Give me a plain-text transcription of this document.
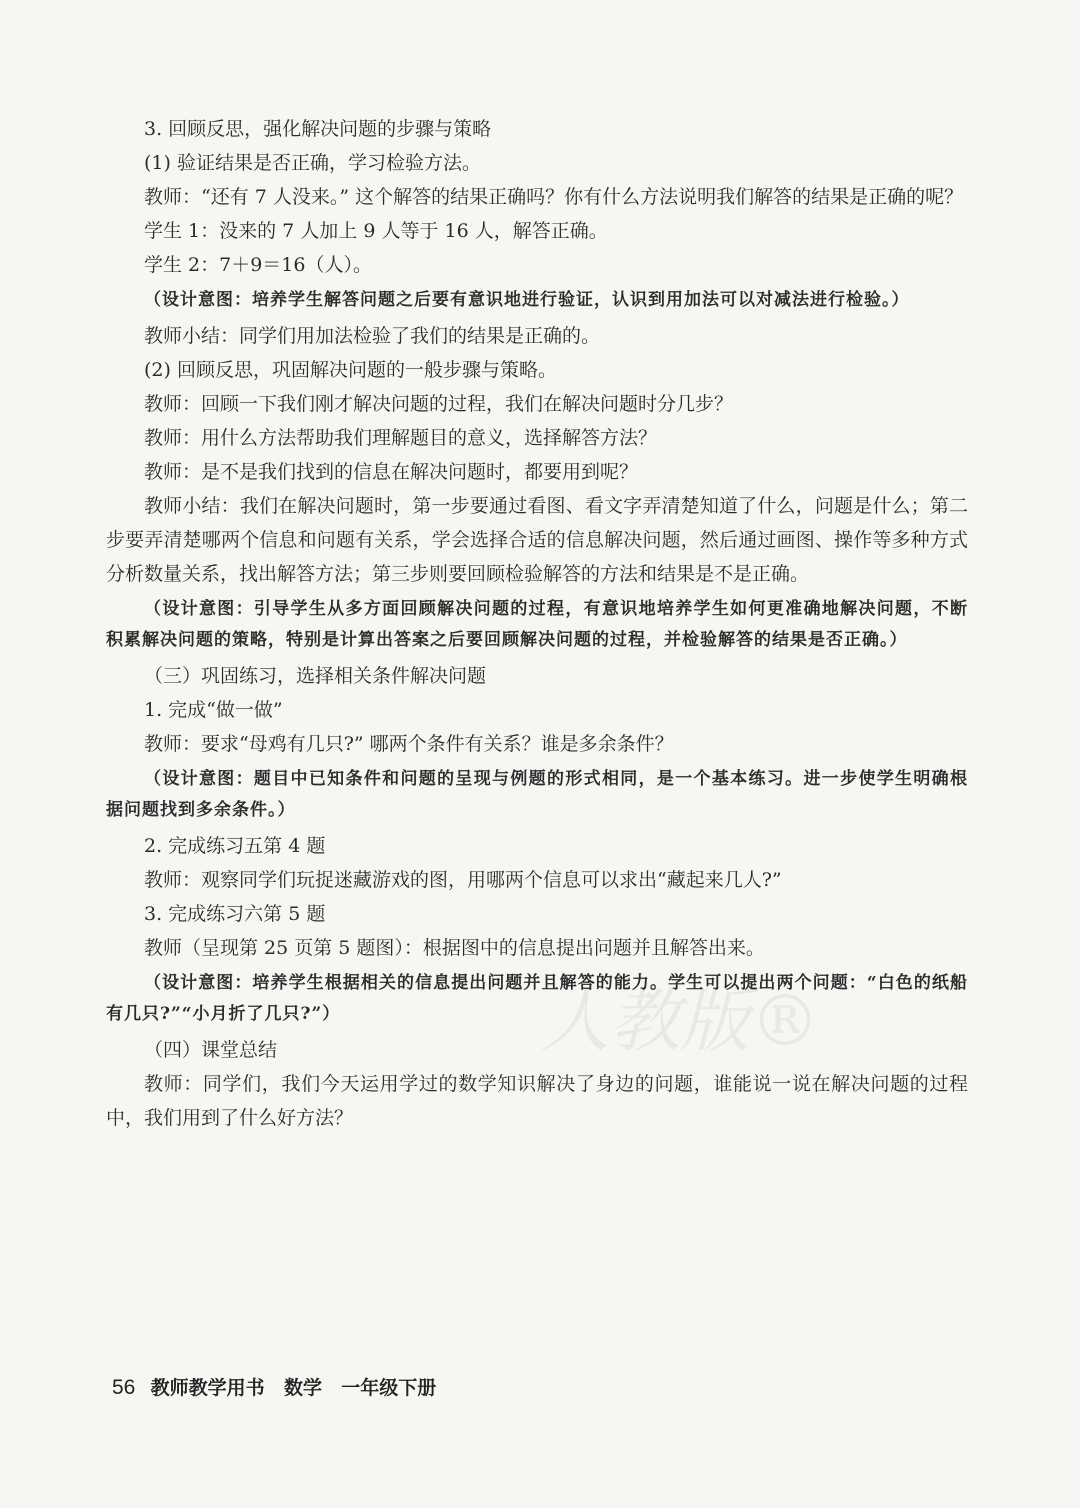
3. 回顾反思，强化解决问题的步骤与策略

(1) 验证结果是否正确，学习检验方法。

教师：“还有 7 人没来。” 这个解答的结果正确吗？你有什么方法说明我们解答的结果是正确的呢？

学生 1：没来的 7 人加上 9 人等于 16 人，解答正确。

学生 2：7＋9＝16（人）。

（设计意图：培养学生解答问题之后要有意识地进行验证，认识到用加法可以对减法进行检验。）

教师小结：同学们用加法检验了我们的结果是正确的。

(2) 回顾反思，巩固解决问题的一般步骤与策略。

教师：回顾一下我们刚才解决问题的过程，我们在解决问题时分几步？

教师：用什么方法帮助我们理解题目的意义，选择解答方法？

教师：是不是我们找到的信息在解决问题时，都要用到呢？

教师小结：我们在解决问题时，第一步要通过看图、看文字弄清楚知道了什么，问题是什么；第二步要弄清楚哪两个信息和问题有关系，学会选择合适的信息解决问题，然后通过画图、操作等多种方式分析数量关系，找出解答方法；第三步则要回顾检验解答的方法和结果是不是正确。

（设计意图：引导学生从多方面回顾解决问题的过程，有意识地培养学生如何更准确地解决问题，不断积累解决问题的策略，特别是计算出答案之后要回顾解决问题的过程，并检验解答的结果是否正确。）

（三）巩固练习，选择相关条件解决问题

1. 完成“做一做”

教师：要求“母鸡有几只?” 哪两个条件有关系？谁是多余条件？

（设计意图：题目中已知条件和问题的呈现与例题的形式相同，是一个基本练习。进一步使学生明确根据问题找到多余条件。）

2. 完成练习五第 4 题

教师：观察同学们玩捉迷藏游戏的图，用哪两个信息可以求出“藏起来几人?”

3. 完成练习六第 5 题

教师（呈现第 25 页第 5 题图）：根据图中的信息提出问题并且解答出来。

（设计意图：培养学生根据相关的信息提出问题并且解答的能力。学生可以提出两个问题：“白色的纸船有几只?”“小月折了几只?”）

（四）课堂总结

教师：同学们，我们今天运用学过的数学知识解决了身边的问题，谁能说一说在解决问题的过程中，我们用到了什么好方法？

人教版®
56 教师教学用书 数学 一年级下册
